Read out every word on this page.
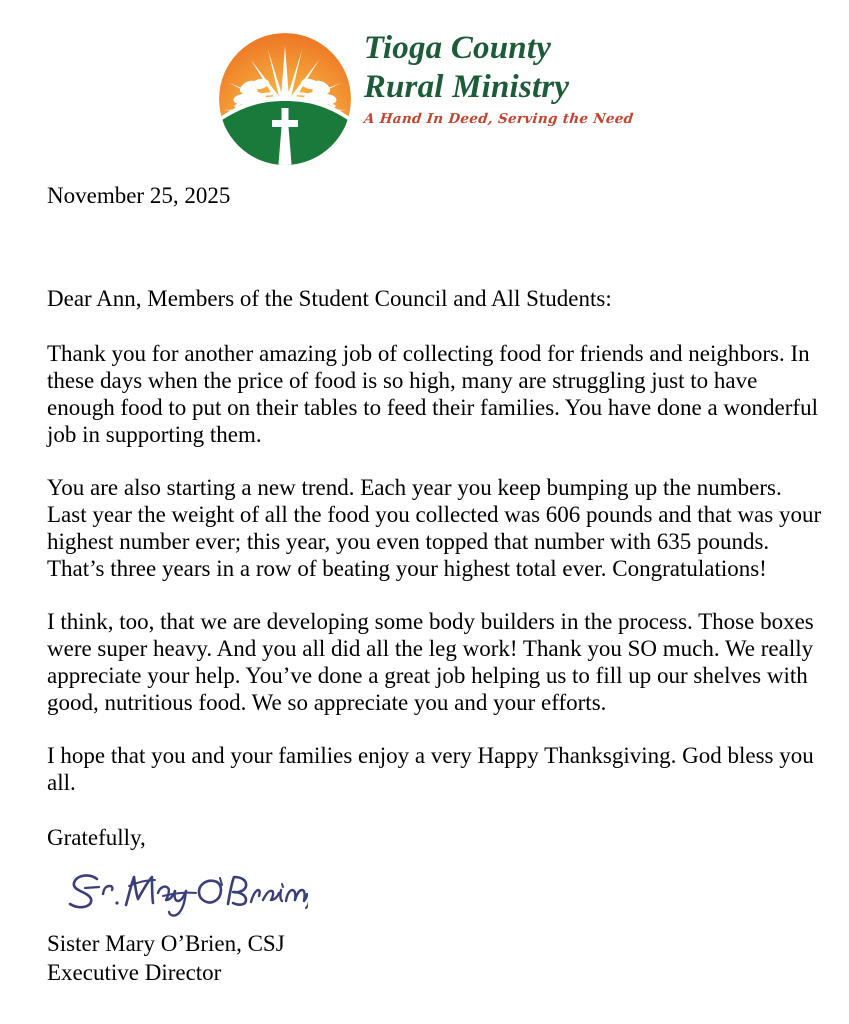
Tioga County
Rural Ministry
A Hand In Deed, Serving the Need

November 25, 2025

Dear Ann, Members of the Student Council and All Students:

Thank you for another amazing job of collecting food for friends and neighbors. In these days when the price of food is so high, many are struggling just to have enough food to put on their tables to feed their families. You have done a wonderful job in supporting them.

You are also starting a new trend. Each year you keep bumping up the numbers. Last year the weight of all the food you collected was 606 pounds and that was your highest number ever; this year, you even topped that number with 635 pounds. That’s three years in a row of beating your highest total ever. Congratulations!

I think, too, that we are developing some body builders in the process. Those boxes were super heavy. And you all did all the leg work! Thank you SO much. We really appreciate your help. You’ve done a great job helping us to fill up our shelves with good, nutritious food. We so appreciate you and your efforts.

I hope that you and your families enjoy a very Happy Thanksgiving. God bless you all.

Gratefully,

Sister Mary O’Brien, CSJ

Executive Director
